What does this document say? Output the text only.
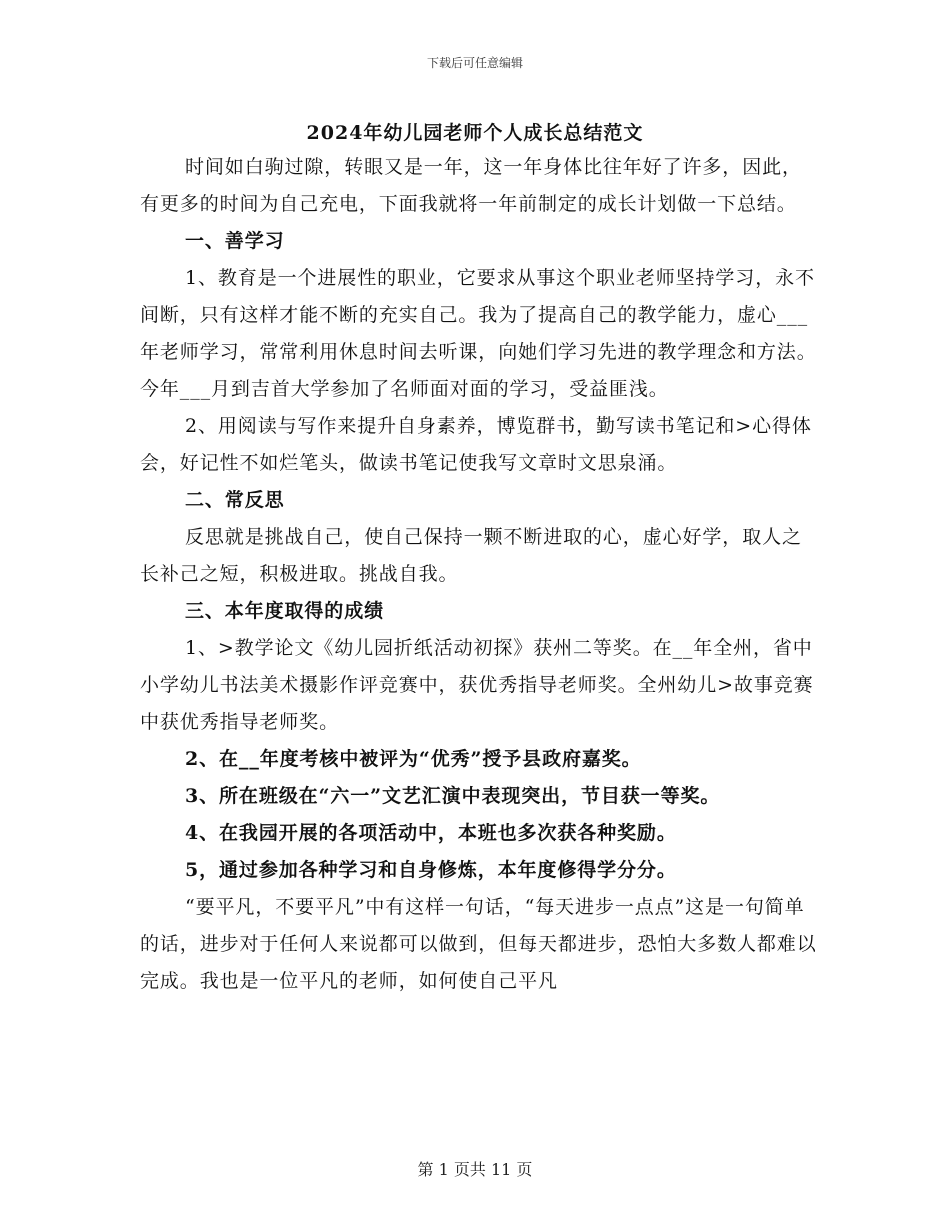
下载后可任意编辑
2024年幼儿园老师个人成长总结范文

时间如白驹过隙，转眼又是一年，这一年身体比往年好了许多，因此，有更多的时间为自己充电，下面我就将一年前制定的成长计划做一下总结。

一、善学习

1、教育是一个进展性的职业，它要求从事这个职业老师坚持学习，永不间断，只有这样才能不断的充实自己。我为了提高自己的教学能力，虚心___年老师学习，常常利用休息时间去听课，向她们学习先进的教学理念和方法。今年___月到吉首大学参加了名师面对面的学习，受益匪浅。

2、用阅读与写作来提升自身素养，博览群书，勤写读书笔记和>心得体会，好记性不如烂笔头，做读书笔记使我写文章时文思泉涌。

二、常反思

反思就是挑战自己，使自己保持一颗不断进取的心，虚心好学，取人之长补己之短，积极进取。挑战自我。

三、本年度取得的成绩

1、>教学论文《幼儿园折纸活动初探》获州二等奖。在__年全州，省中小学幼儿书法美术摄影作评竞赛中，获优秀指导老师奖。全州幼儿>故事竞赛中获优秀指导老师奖。

2、在__年度考核中被评为“优秀”授予县政府嘉奖。

3、所在班级在“六一”文艺汇演中表现突出，节目获一等奖。

4、在我园开展的各项活动中，本班也多次获各种奖励。

5，通过参加各种学习和自身修炼，本年度修得学分分。

“要平凡，不要平凡”中有这样一句话，“每天进步一点点”这是一句简单的话，进步对于任何人来说都可以做到，但每天都进步，恐怕大多数人都难以完成。我也是一位平凡的老师，如何使自己平凡

第 1 页共 11 页
